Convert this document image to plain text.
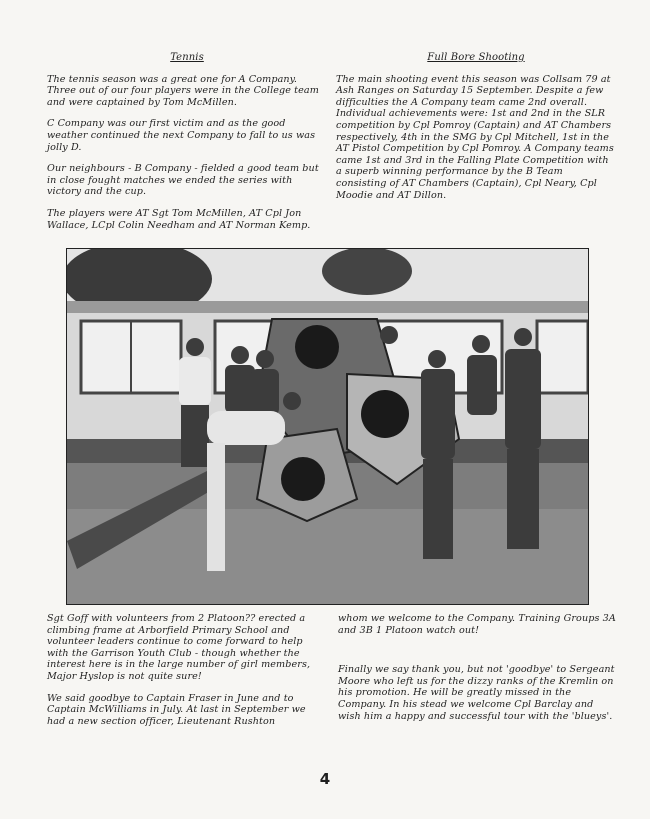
Tennis

The tennis season was a great one for A Company. Three out of our four players were in the College team and were captained by Tom McMillen.

C Company was our first victim and as the good weather continued the next Company to fall to us was jolly D.

Our neighbours - B Company - fielded a good team but in close fought matches we ended the series with victory and the cup.

The players were AT Sgt Tom McMillen, AT Cpl Jon Wallace, LCpl Colin Needham and AT Norman Kemp.

Full Bore Shooting

The main shooting event this season was Collsam 79 at Ash Ranges on Saturday 15 September. Despite a few difficulties the A Company team came 2nd overall. Individual achievements were: 1st and 2nd in the SLR competition by Cpl Pomroy (Captain) and AT Chambers respectively, 4th in the SMG by Cpl Mitchell, 1st in the AT Pistol Competition by Cpl Pomroy. A Company teams came 1st and 3rd in the Falling Plate Competition with a superb winning performance by the B Team consisting of AT Chambers (Captain), Cpl Neary, Cpl Moodie and AT Dillon.

Sgt Goff with volunteers from 2 Platoon?? erected a climbing frame at Arborfield Primary School and volunteer leaders continue to come forward to help with the Garrison Youth Club - though whether the interest here is in the large number of girl members, Major Hyslop is not quite sure!

We said goodbye to Captain Fraser in June and to Captain McWilliams in July. At last in September we had a new section officer, Lieutenant Rushton

whom we welcome to the Company. Training Groups 3A and 3B 1 Platoon watch out!

Finally we say thank you, but not 'goodbye' to Sergeant Moore who left us for the dizzy ranks of the Kremlin on his promotion. He will be greatly missed in the Company. In his stead we welcome Cpl Barclay and wish him a happy and successful tour with the 'blueys'.

4
